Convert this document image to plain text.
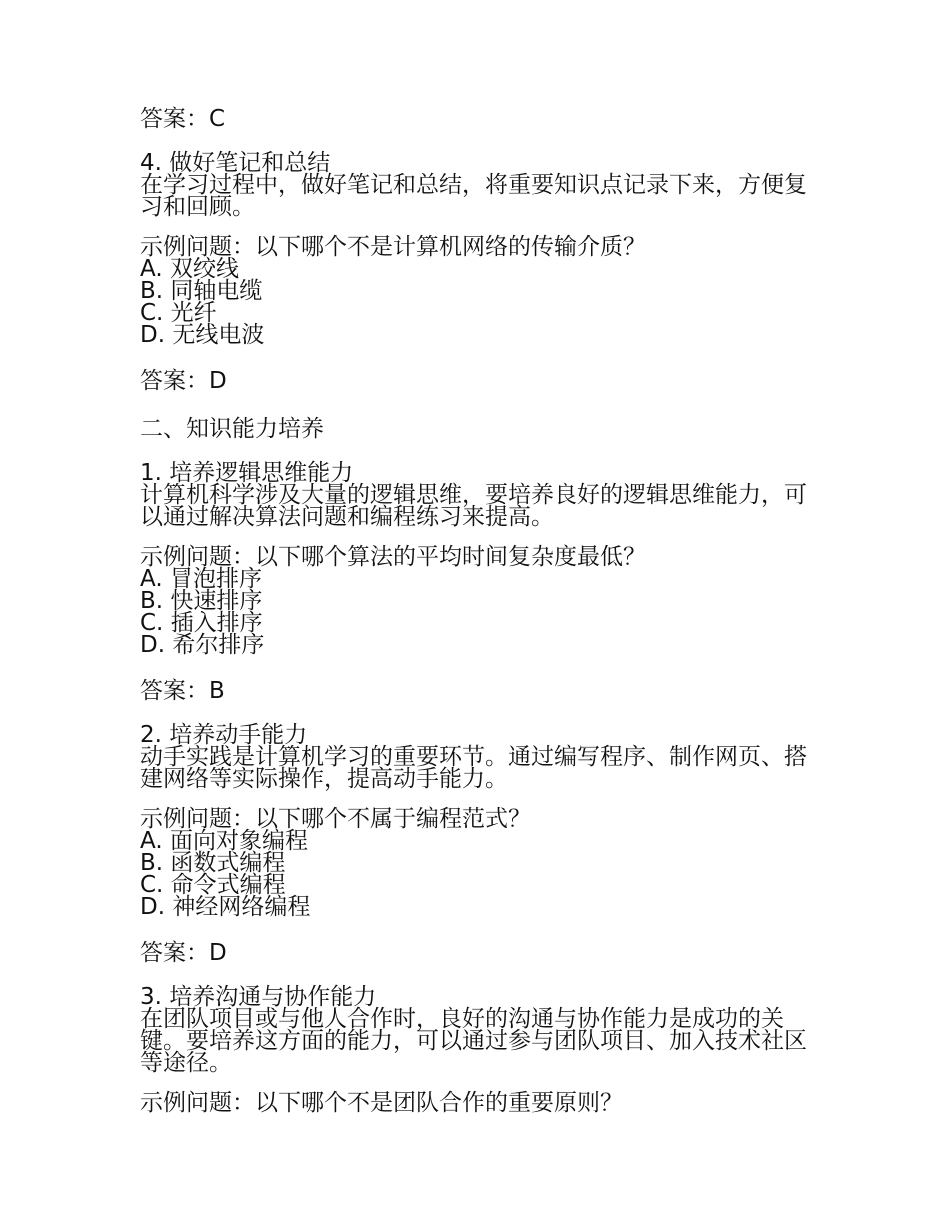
答案：C
4. 做好笔记和总结
在学习过程中，做好笔记和总结，将重要知识点记录下来，方便复习和回顾。
示例问题：以下哪个不是计算机网络的传输介质？
A. 双绞线
B. 同轴电缆
C. 光纤
D. 无线电波
答案：D
二、知识能力培养
1. 培养逻辑思维能力
计算机科学涉及大量的逻辑思维，要培养良好的逻辑思维能力，可以通过解决算法问题和编程练习来提高。
示例问题：以下哪个算法的平均时间复杂度最低？
A. 冒泡排序
B. 快速排序
C. 插入排序
D. 希尔排序
答案：B
2. 培养动手能力
动手实践是计算机学习的重要环节。通过编写程序、制作网页、搭建网络等实际操作，提高动手能力。
示例问题：以下哪个不属于编程范式？
A. 面向对象编程
B. 函数式编程
C. 命令式编程
D. 神经网络编程
答案：D
3. 培养沟通与协作能力
在团队项目或与他人合作时，良好的沟通与协作能力是成功的关键。要培养这方面的能力，可以通过参与团队项目、加入技术社区等途径。
示例问题：以下哪个不是团队合作的重要原则？
